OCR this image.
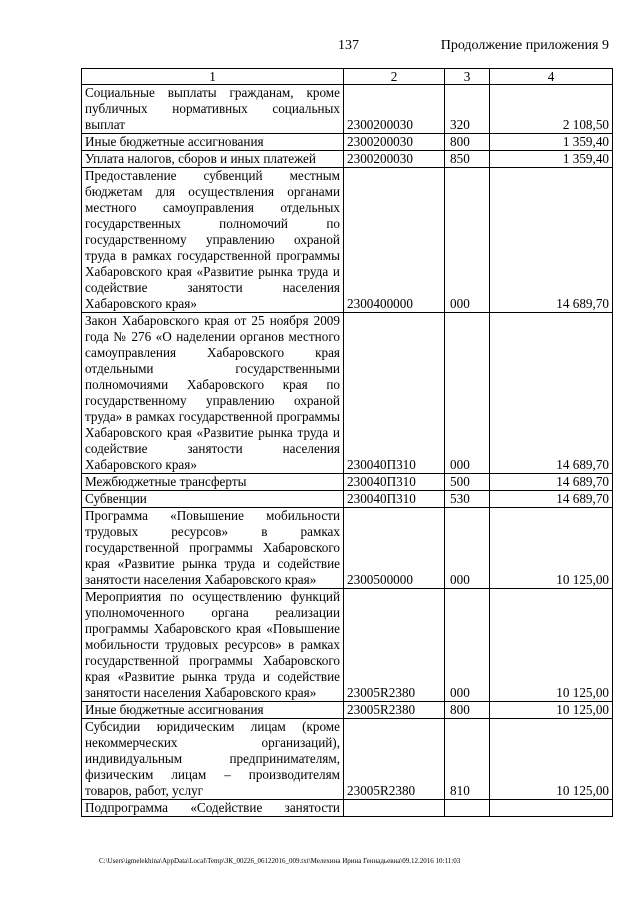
137	Продолжение приложения 9
1	2	3	4
Социальные выплаты гражданам, кроме публичных нормативных социальных выплат	2300200030	320	2 108,50
Иные бюджетные ассигнования	2300200030	800	1 359,40
Уплата налогов, сборов и иных платежей	2300200030	850	1 359,40
Предоставление субвенций местным бюджетам для осуществления органами местного самоуправления отдельных государственных полномочий по государственному управлению охраной труда в рамках государственной программы Хабаровского края «Развитие рынка труда и содействие занятости населения Хабаровского края»	2300400000	000	14 689,70
Закон Хабаровского края от 25 ноября 2009 года № 276 «О наделении органов местного самоуправления Хабаровского края отдельными государственными полномочиями Хабаровского края по государственному управлению охраной труда» в рамках государственной программы Хабаровского края «Развитие рынка труда и содействие занятости населения Хабаровского края»	230040П310	000	14 689,70
Межбюджетные трансферты	230040П310	500	14 689,70
Субвенции	230040П310	530	14 689,70
Программа «Повышение мобильности трудовых ресурсов» в рамках государственной программы Хабаровского края «Развитие рынка труда и содействие занятости населения Хабаровского края»	2300500000	000	10 125,00
Мероприятия по осуществлению функций уполномоченного органа реализации программы Хабаровского края «Повышение мобильности трудовых ресурсов» в рамках государственной программы Хабаровского края «Развитие рынка труда и содействие занятости населения Хабаровского края»	23005R2380	000	10 125,00
Иные бюджетные ассигнования	23005R2380	800	10 125,00
Субсидии юридическим лицам (кроме некоммерческих организаций), индивидуальным предпринимателям, физическим лицам – производителям товаров, работ, услуг	23005R2380	810	10 125,00
Подпрограмма «Содействие занятости			
C:\Users\igmelekhina\AppData\Local\Temp\ЗК_00226_06122016_009.txt\Мелехина Ирина Геннадьевна\09.12.2016 10:11:03
